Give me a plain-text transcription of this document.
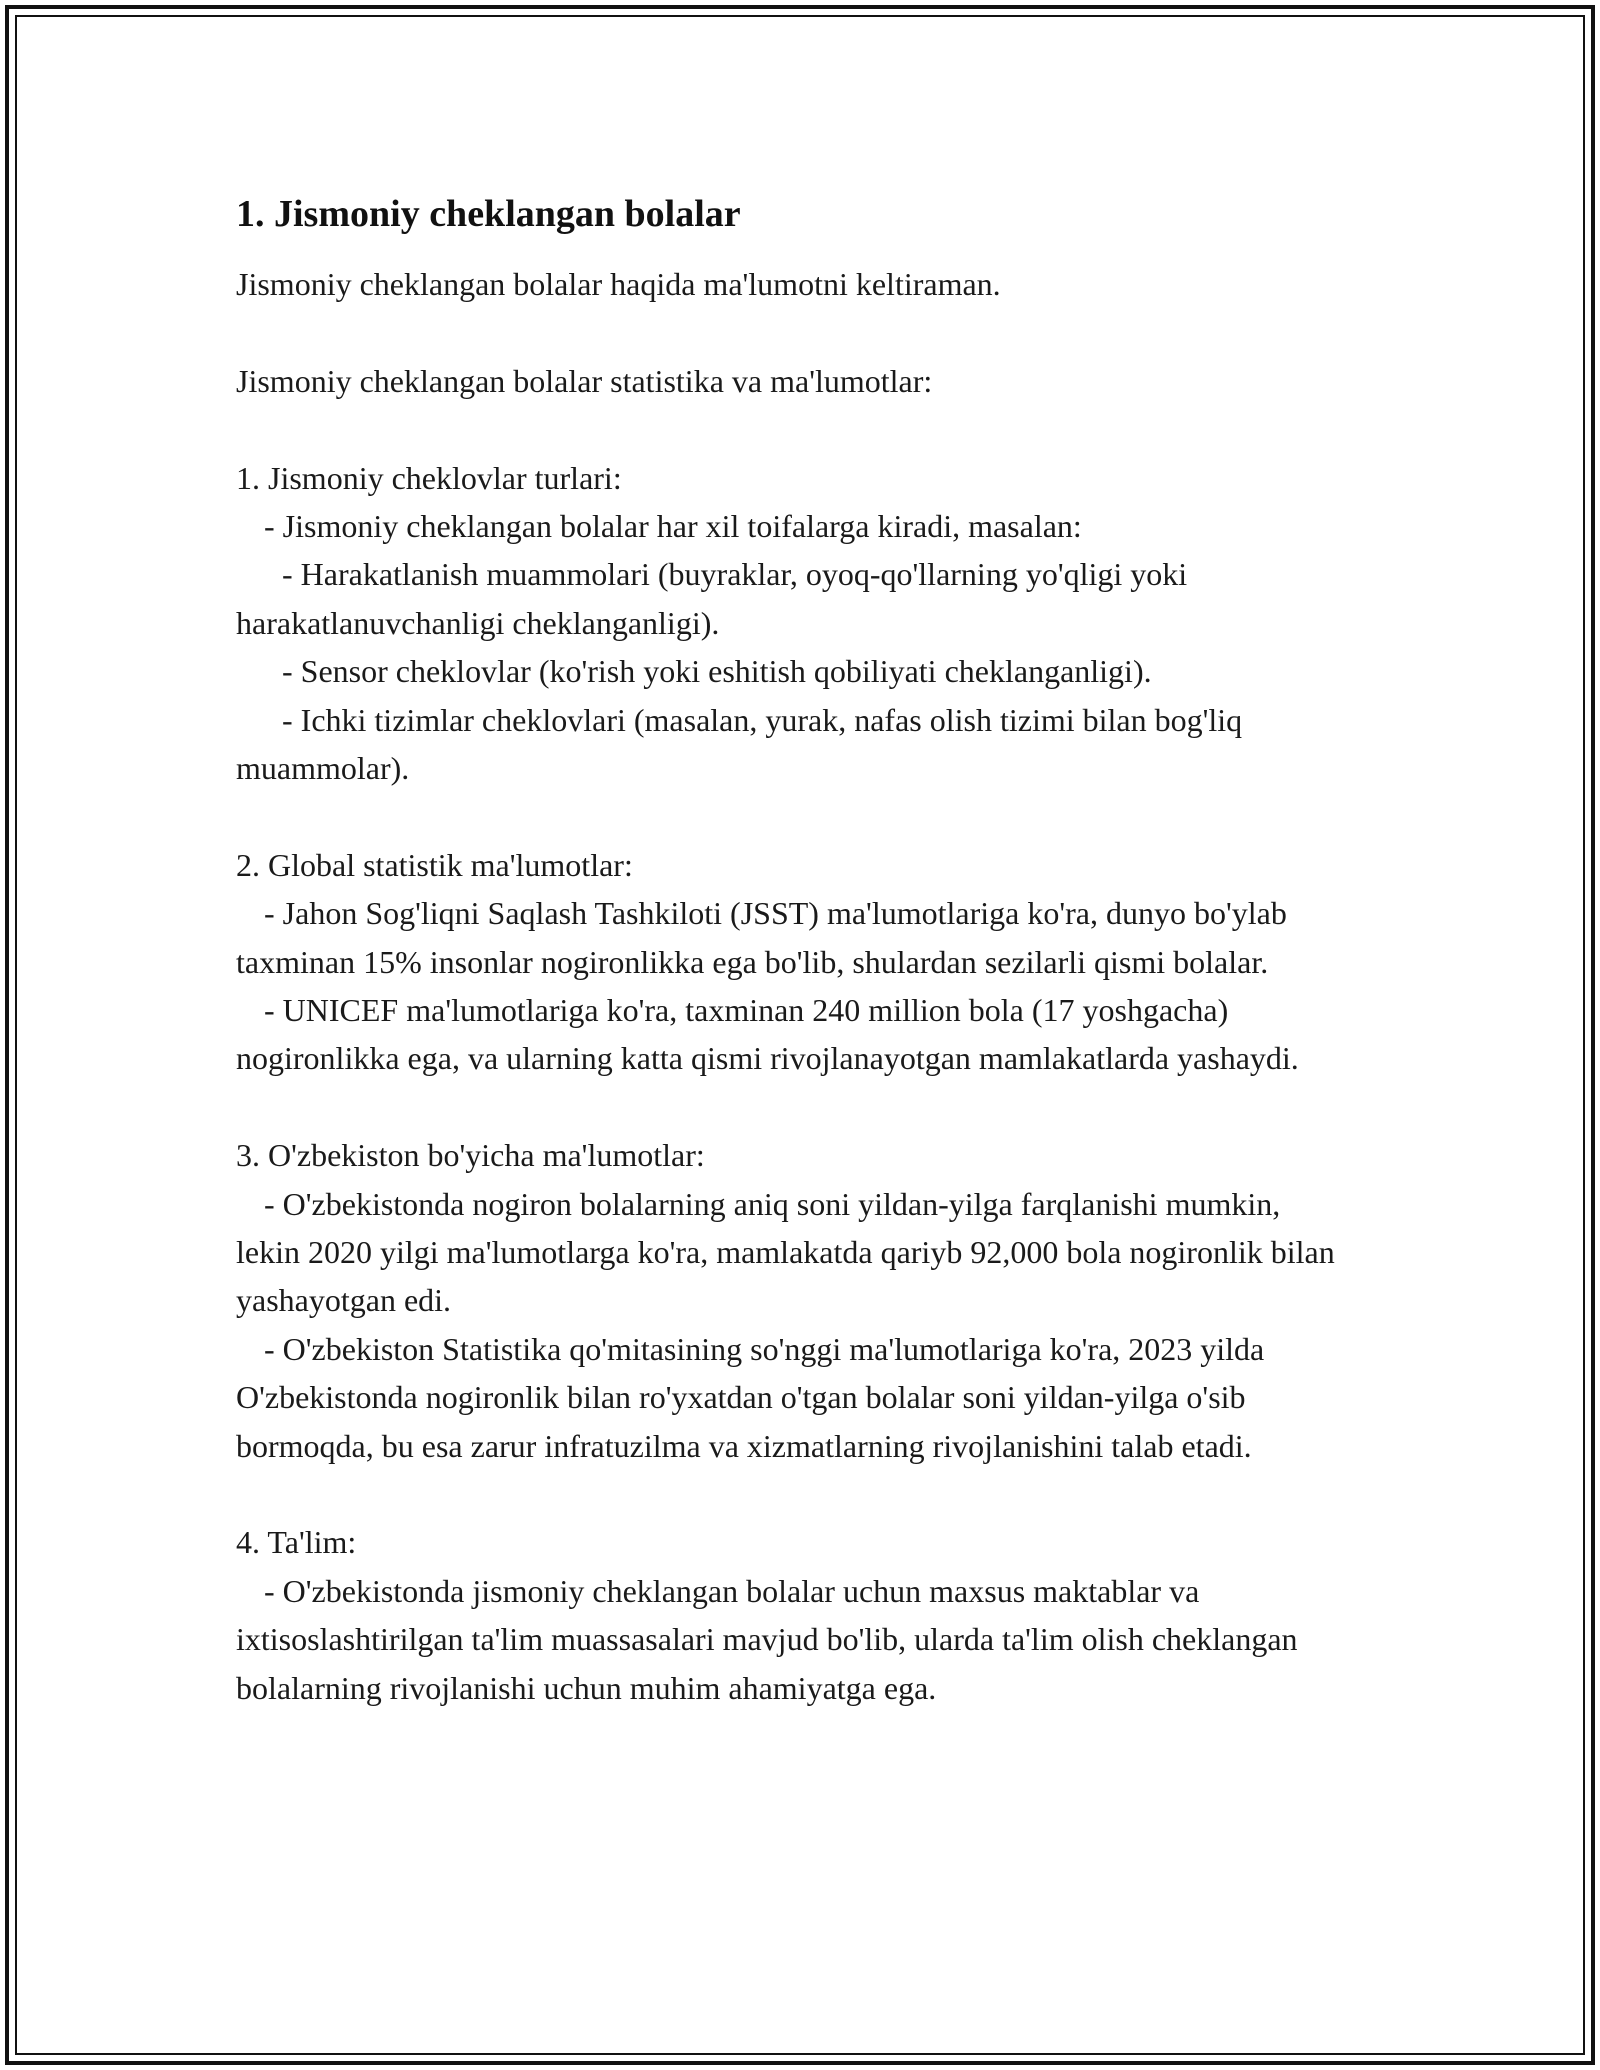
1. Jismoniy cheklangan bolalar

Jismoniy cheklangan bolalar haqida ma'lumotni keltiraman.

Jismoniy cheklangan bolalar statistika va ma'lumotlar:

1. Jismoniy cheklovlar turlari:

- Jismoniy cheklangan bolalar har xil toifalarga kiradi, masalan:

- Harakatlanish muammolari (buyraklar, oyoq-qo'llarning yo'qligi yoki harakatlanuvchanligi cheklanganligi).

- Sensor cheklovlar (ko'rish yoki eshitish qobiliyati cheklanganligi).

- Ichki tizimlar cheklovlari (masalan, yurak, nafas olish tizimi bilan bog'liq muammolar).

2. Global statistik ma'lumotlar:

- Jahon Sog'liqni Saqlash Tashkiloti (JSST) ma'lumotlariga ko'ra, dunyo bo'ylab taxminan 15% insonlar nogironlikka ega bo'lib, shulardan sezilarli qismi bolalar.

- UNICEF ma'lumotlariga ko'ra, taxminan 240 million bola (17 yoshgacha) nogironlikka ega, va ularning katta qismi rivojlanayotgan mamlakatlarda yashaydi.

3. O'zbekiston bo'yicha ma'lumotlar:

- O'zbekistonda nogiron bolalarning aniq soni yildan-yilga farqlanishi mumkin, lekin 2020 yilgi ma'lumotlarga ko'ra, mamlakatda qariyb 92,000 bola nogironlik bilan yashayotgan edi.

- O'zbekiston Statistika qo'mitasining so'nggi ma'lumotlariga ko'ra, 2023 yilda O'zbekistonda nogironlik bilan ro'yxatdan o'tgan bolalar soni yildan-yilga o'sib bormoqda, bu esa zarur infratuzilma va xizmatlarning rivojlanishini talab etadi.

4. Ta'lim:

- O'zbekistonda jismoniy cheklangan bolalar uchun maxsus maktablar va ixtisoslashtirilgan ta'lim muassasalari mavjud bo'lib, ularda ta'lim olish cheklangan bolalarning rivojlanishi uchun muhim ahamiyatga ega.
